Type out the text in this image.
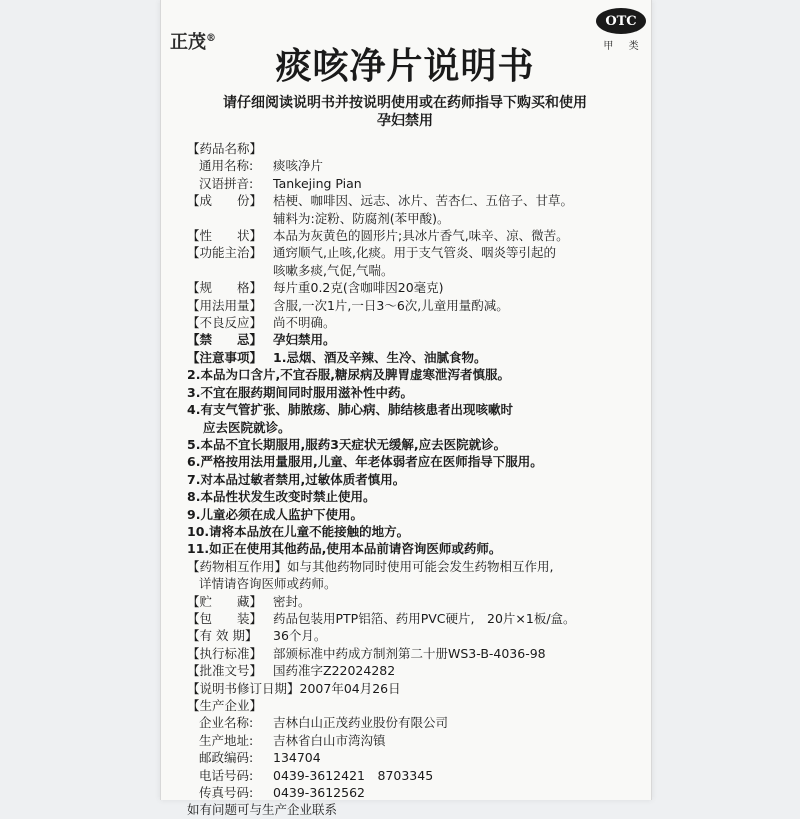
正茂®
OTC
甲 类
痰咳净片说明书
请仔细阅读说明书并按说明使用或在药师指导下购买和使用
孕妇禁用
【药品名称】
通用名称: 痰咳净片
汉语拼音: Tankejing Pian
【成　　份】 桔梗、咖啡因、远志、冰片、苦杏仁、五倍子、甘草。
辅料为:淀粉、防腐剂(苯甲酸)。
【性　　状】 本品为灰黄色的圆形片;具冰片香气,味辛、凉、微苦。
【功能主治】 通窍顺气,止咳,化痰。用于支气管炎、咽炎等引起的
咳嗽多痰,气促,气喘。
【规　　格】 每片重0.2克(含咖啡因20毫克)
【用法用量】 含服,一次1片,一日3～6次,儿童用量酌减。
【不良反应】 尚不明确。
【禁　　忌】 孕妇禁用。
【注意事项】 1.忌烟、酒及辛辣、生冷、油腻食物。
2.本品为口含片,不宜吞服,糖尿病及脾胃虚寒泄泻者慎服。
3.不宜在服药期间同时服用滋补性中药。
4.有支气管扩张、肺脓疡、肺心病、肺结核患者出现咳嗽时
应去医院就诊。
5.本品不宜长期服用,服药3天症状无缓解,应去医院就诊。
6.严格按用法用量服用,儿童、年老体弱者应在医师指导下服用。
7.对本品过敏者禁用,过敏体质者慎用。
8.本品性状发生改变时禁止使用。
9.儿童必须在成人监护下使用。
10.请将本品放在儿童不能接触的地方。
11.如正在使用其他药品,使用本品前请咨询医师或药师。
【药物相互作用】如与其他药物同时使用可能会发生药物相互作用,
详情请咨询医师或药师。
【贮　　藏】 密封。
【包　　装】 药品包装用PTP铝箔、药用PVC硬片,　20片×1板/盒。
【有 效 期】 36个月。
【执行标准】 部颁标准中药成方制剂第二十册WS3-B-4036-98
【批准文号】 国药准字Z22024282
【说明书修订日期】2007年04月26日
【生产企业】
企业名称: 吉林白山正茂药业股份有限公司
生产地址: 吉林省白山市湾沟镇
邮政编码: 134704
电话号码: 0439-3612421　8703345
传真号码: 0439-3612562
如有问题可与生产企业联系
